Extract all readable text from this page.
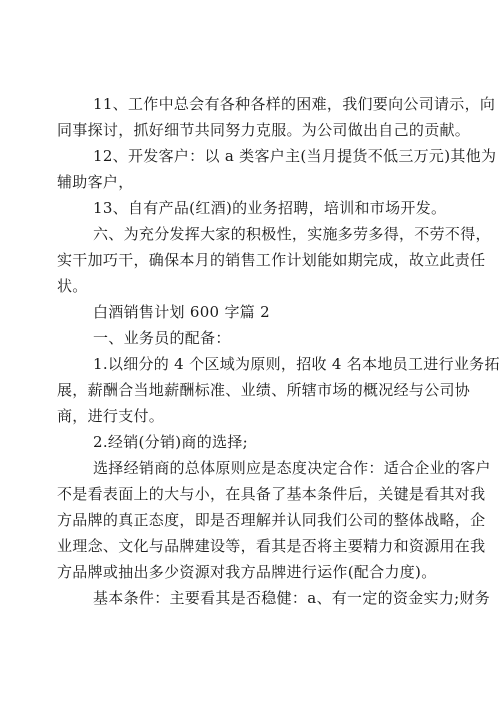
11、工作中总会有各种各样的困难，我们要向公司请示，向
同事探讨，抓好细节共同努力克服。为公司做出自己的贡献。
12、开发客户：以 a 类客户主(当月提货不低三万元)其他为
辅助客户，
13、自有产品(红酒)的业务招聘，培训和市场开发。
六、为充分发挥大家的积极性，实施多劳多得，不劳不得，
实干加巧干，确保本月的销售工作计划能如期完成，故立此责任
状。
白酒销售计划 600 字篇 2
一、业务员的配备：
1.以细分的 4 个区域为原则，招收 4 名本地员工进行业务拓
展，薪酬合当地薪酬标准、业绩、所辖市场的概况经与公司协
商，进行支付。
2.经销(分销)商的选择;
选择经销商的总体原则应是态度决定合作：适合企业的客户
不是看表面上的大与小，在具备了基本条件后，关键是看其对我
方品牌的真正态度，即是否理解并认同我们公司的整体战略，企
业理念、文化与品牌建设等，看其是否将主要精力和资源用在我
方品牌或抽出多少资源对我方品牌进行运作(配合力度)。
基本条件：主要看其是否稳健：a、有一定的资金实力;财务
